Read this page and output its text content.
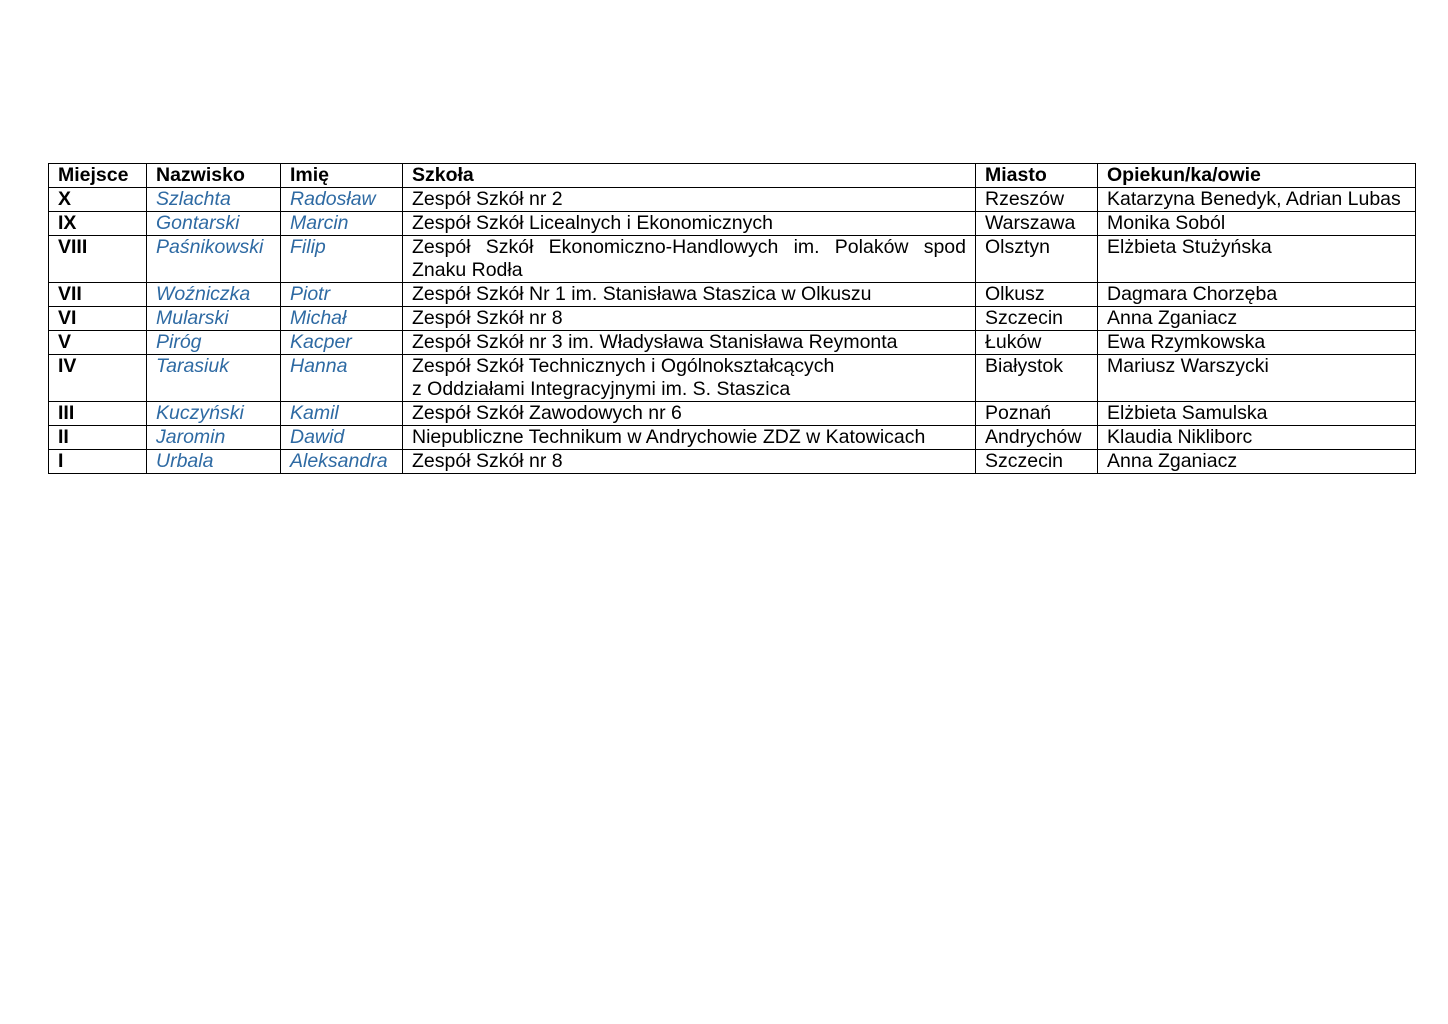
Miejsce	Nazwisko	Imię	Szkoła	Miasto	Opiekun/ka/owie
X	Szlachta	Radosław	Zespół Szkół nr 2	Rzeszów	Katarzyna Benedyk, Adrian Lubas
IX	Gontarski	Marcin	Zespół Szkół Licealnych i Ekonomicznych	Warszawa	Monika Soból
VIII	Paśnikowski	Filip	Zespół Szkół Ekonomiczno-Handlowych im. Polaków spod Znaku Rodła	Olsztyn	Elżbieta Stużyńska
VII	Woźniczka	Piotr	Zespół Szkół Nr 1 im. Stanisława Staszica w Olkuszu	Olkusz	Dagmara Chorzęba
VI	Mularski	Michał	Zespół Szkół nr 8	Szczecin	Anna Zganiacz
V	Piróg	Kacper	Zespół Szkół nr 3 im. Władysława Stanisława Reymonta	Łuków	Ewa Rzymkowska
IV	Tarasiuk	Hanna	Zespół Szkół Technicznych i Ogólnokształcących
z Oddziałami Integracyjnymi im. S. Staszica	Białystok	Mariusz Warszycki
III	Kuczyński	Kamil	Zespół Szkół Zawodowych nr 6	Poznań	Elżbieta Samulska
II	Jaromin	Dawid	Niepubliczne Technikum w Andrychowie ZDZ w Katowicach	Andrychów	Klaudia Nikliborc
I	Urbala	Aleksandra	Zespół Szkół nr 8	Szczecin	Anna Zganiacz
